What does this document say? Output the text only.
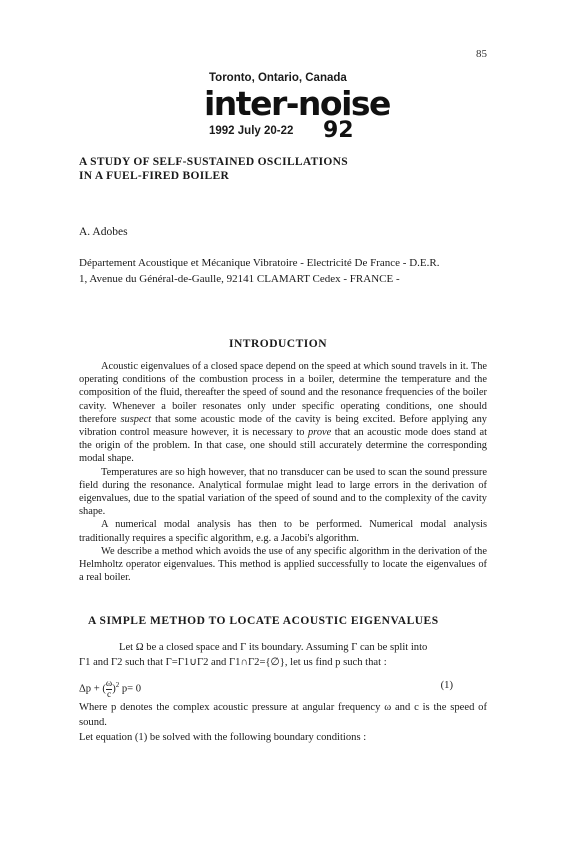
85
Toronto, Ontario, Canada
inter-noise
1992 July 20-22 92
A STUDY OF SELF-SUSTAINED OSCILLATIONS
IN A FUEL-FIRED BOILER
A. Adobes
Département Acoustique et Mécanique Vibratoire - Electricité De France - D.E.R.
1, Avenue du Général-de-Gaulle, 92141 CLAMART Cedex - FRANCE -
INTRODUCTION

Acoustic eigenvalues of a closed space depend on the speed at which sound travels in it. The operating conditions of the combustion process in a boiler, determine the temperature and the composition of the fluid, thereafter the speed of sound and the resonance frequencies of the boiler cavity. Whenever a boiler resonates only under specific operating conditions, one should therefore suspect that some acoustic mode of the cavity is being excited. Before applying any vibration control measure however, it is necessary to prove that an acoustic mode does stand at the origin of the problem. In that case, one should still accurately determine the corresponding modal shape.

Temperatures are so high however, that no transducer can be used to scan the sound pressure field during the resonance. Analytical formulae might lead to large errors in the derivation of eigenvalues, due to the spatial variation of the speed of sound and to the complexity of the cavity shape.

A numerical modal analysis has then to be performed. Numerical modal analysis traditionally requires a specific algorithm, e.g. a Jacobi's algorithm.

We describe a method which avoids the use of any specific algorithm in the derivation of the Helmholtz operator eigenvalues. This method is applied successfully to locate the eigenvalues of a real boiler.

A SIMPLE METHOD TO LOCATE ACOUSTIC EIGENVALUES

Let Ω be a closed space and Γ its boundary. Assuming Γ can be split into

Γ1 and Γ2 such that Γ=Γ1∪Γ2 and Γ1∩Γ2={∅}, let us find p such that :

Δp + ( $\frac{\omega}{c} )^2$ p= 0	(1)

Where p denotes the complex acoustic pressure at angular frequency ω and c is the speed of sound.

Let equation (1) be solved with the following boundary conditions :
